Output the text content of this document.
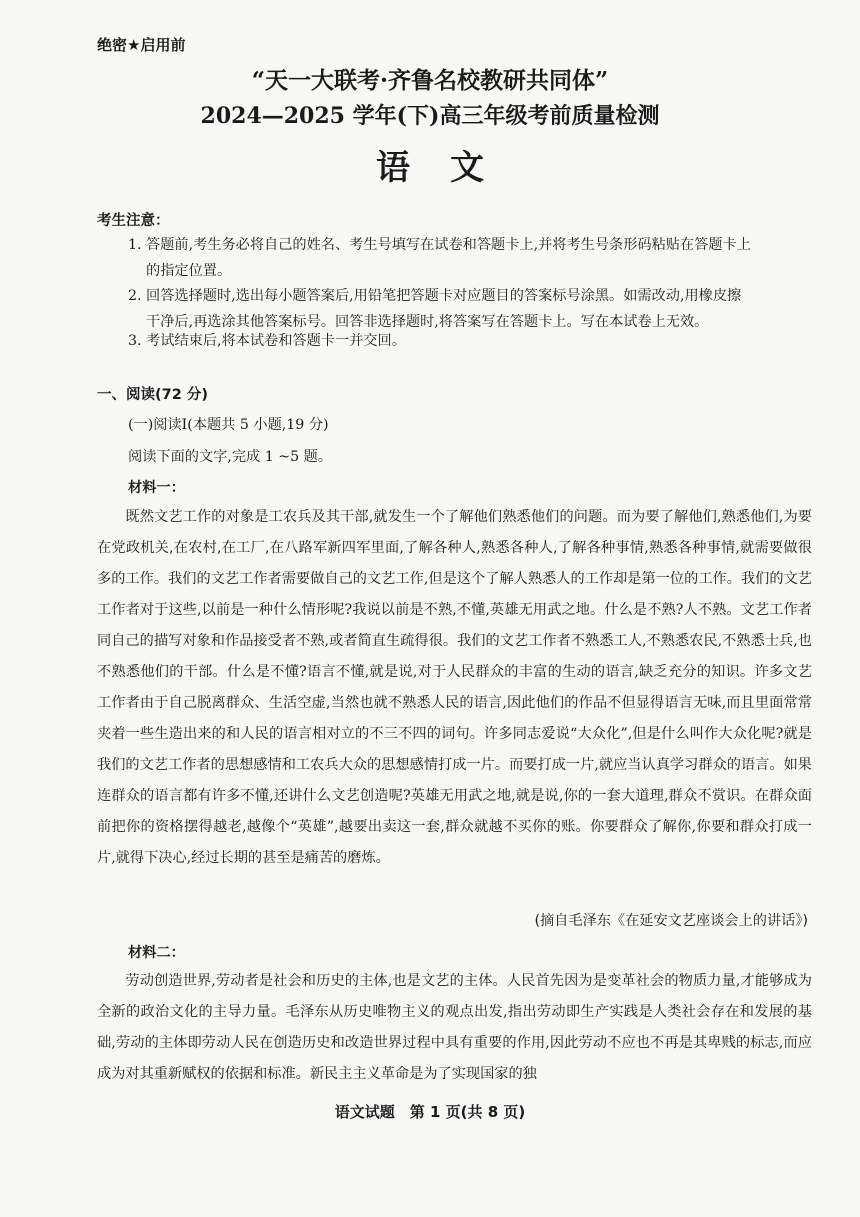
绝密★启用前
“天一大联考·齐鲁名校教研共同体”
2024—2025 学年(下)高三年级考前质量检测
语文
考生注意：
1. 答题前,考生务必将自己的姓名、考生号填写在试卷和答题卡上,并将考生号条形码粘贴在答题卡上
的指定位置。
2. 回答选择题时,选出每小题答案后,用铅笔把答题卡对应题目的答案标号涂黑。如需改动,用橡皮擦
干净后,再选涂其他答案标号。回答非选择题时,将答案写在答题卡上。写在本试卷上无效。
3. 考试结束后,将本试卷和答题卡一并交回。
一、阅读(72 分)
(一)阅读Ⅰ(本题共 5 小题,19 分)
阅读下面的文字,完成 1 ~5 题。
材料一：
既然文艺工作的对象是工农兵及其干部,就发生一个了解他们熟悉他们的问题。而为要了解他们,熟悉他们,为要在党政机关,在农村,在工厂,在八路军新四军里面,了解各种人,熟悉各种人,了解各种事情,熟悉各种事情,就需要做很多的工作。我们的文艺工作者需要做自己的文艺工作,但是这个了解人熟悉人的工作却是第一位的工作。我们的文艺工作者对于这些,以前是一种什么情形呢?我说以前是不熟,不懂,英雄无用武之地。什么是不熟?人不熟。文艺工作者同自己的描写对象和作品接受者不熟,或者简直生疏得很。我们的文艺工作者不熟悉工人,不熟悉农民,不熟悉士兵,也不熟悉他们的干部。什么是不懂?语言不懂,就是说,对于人民群众的丰富的生动的语言,缺乏充分的知识。许多文艺工作者由于自己脱离群众、生活空虚,当然也就不熟悉人民的语言,因此他们的作品不但显得语言无味,而且里面常常夹着一些生造出来的和人民的语言相对立的不三不四的词句。许多同志爱说“大众化”,但是什么叫作大众化呢?就是我们的文艺工作者的思想感情和工农兵大众的思想感情打成一片。而要打成一片,就应当认真学习群众的语言。如果连群众的语言都有许多不懂,还讲什么文艺创造呢?英雄无用武之地,就是说,你的一套大道理,群众不赏识。在群众面前把你的资格摆得越老,越像个“英雄”,越要出卖这一套,群众就越不买你的账。你要群众了解你,你要和群众打成一片,就得下决心,经过长期的甚至是痛苦的磨炼。
(摘自毛泽东《在延安文艺座谈会上的讲话》)
材料二：
劳动创造世界,劳动者是社会和历史的主体,也是文艺的主体。人民首先因为是变革社会的物质力量,才能够成为全新的政治文化的主导力量。毛泽东从历史唯物主义的观点出发,指出劳动即生产实践是人类社会存在和发展的基础,劳动的主体即劳动人民在创造历史和改造世界过程中具有重要的作用,因此劳动不应也不再是其卑贱的标志,而应成为对其重新赋权的依据和标准。新民主主义革命是为了实现国家的独
语文试题　第 1 页(共 8 页)
